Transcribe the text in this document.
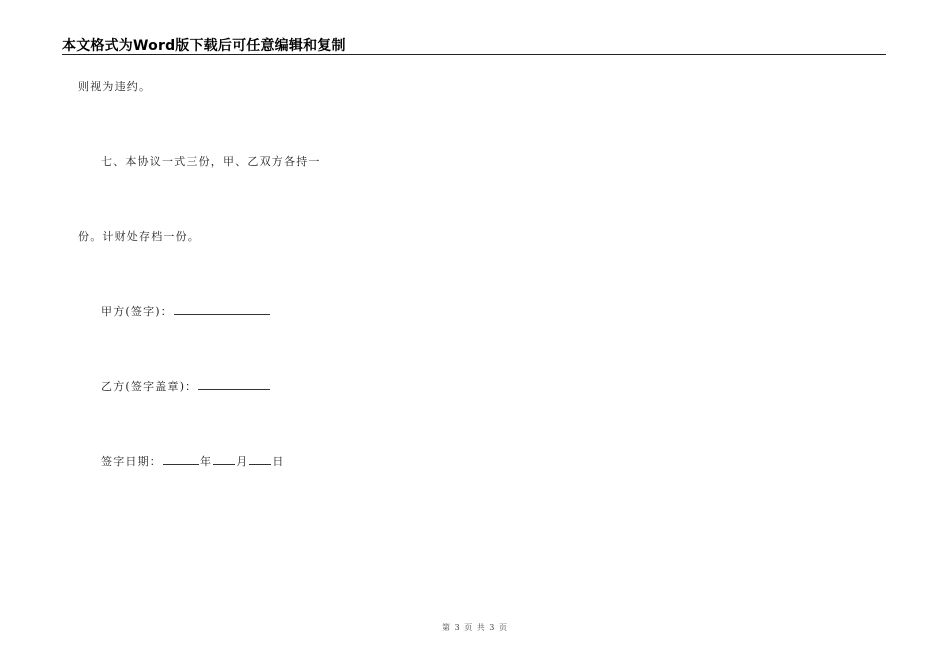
本文格式为Word版下载后可任意编辑和复制
则视为违约。
七、本协议一式三份，甲、乙双方各持一
份。计财处存档一份。
甲方(签字)：
乙方(签字盖章)：
签字日期：	年 月 日
第 3 页 共 3 页
